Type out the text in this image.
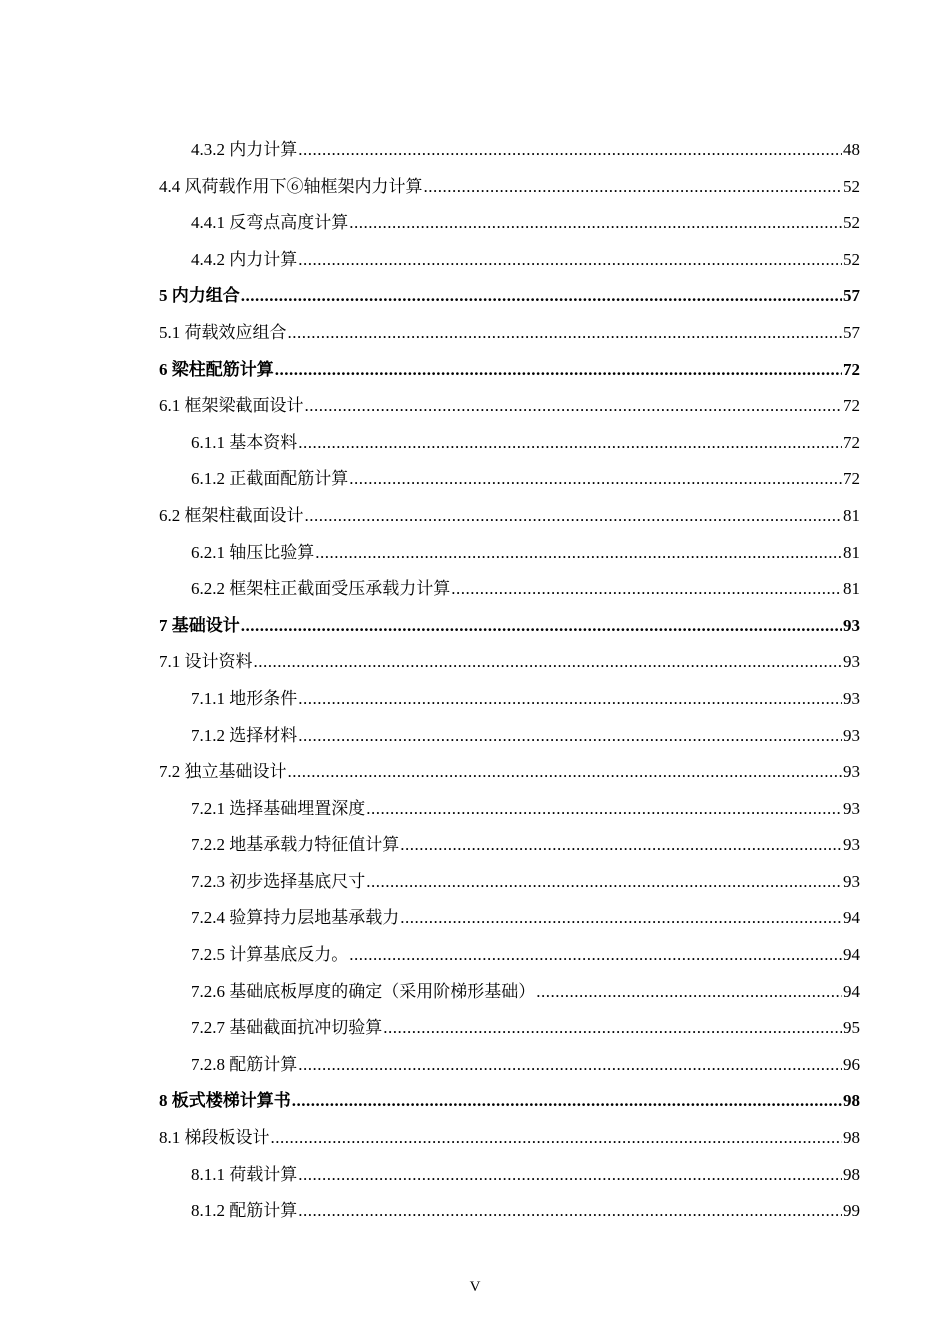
4.3.2 内力计算 .....	48
4.4 风荷载作用下⑥轴框架内力计算 .....	52
4.4.1 反弯点高度计算 .....	52
4.4.2 内力计算 .....	52
5 内力组合 .....	57
5.1 荷载效应组合 .....	57
6 梁柱配筋计算 .....	72
6.1 框架梁截面设计 .....	72
6.1.1 基本资料 .....	72
6.1.2 正截面配筋计算 .....	72
6.2 框架柱截面设计 .....	81
6.2.1 轴压比验算 .....	81
6.2.2 框架柱正截面受压承载力计算 .....	81
7 基础设计 .....	93
7.1 设计资料 .....	93
7.1.1 地形条件 .....	93
7.1.2 选择材料 .....	93
7.2 独立基础设计 .....	93
7.2.1 选择基础埋置深度 .....	93
7.2.2 地基承载力特征值计算 .....	93
7.2.3 初步选择基底尺寸 .....	93
7.2.4 验算持力层地基承载力 .....	94
7.2.5 计算基底反力。 .....	94
7.2.6 基础底板厚度的确定（采用阶梯形基础） .....	94
7.2.7 基础截面抗冲切验算 .....	95
7.2.8 配筋计算 .....	96
8 板式楼梯计算书 .....	98
8.1 梯段板设计 .....	98
8.1.1 荷载计算 .....	98
8.1.2 配筋计算 .....	99
V
